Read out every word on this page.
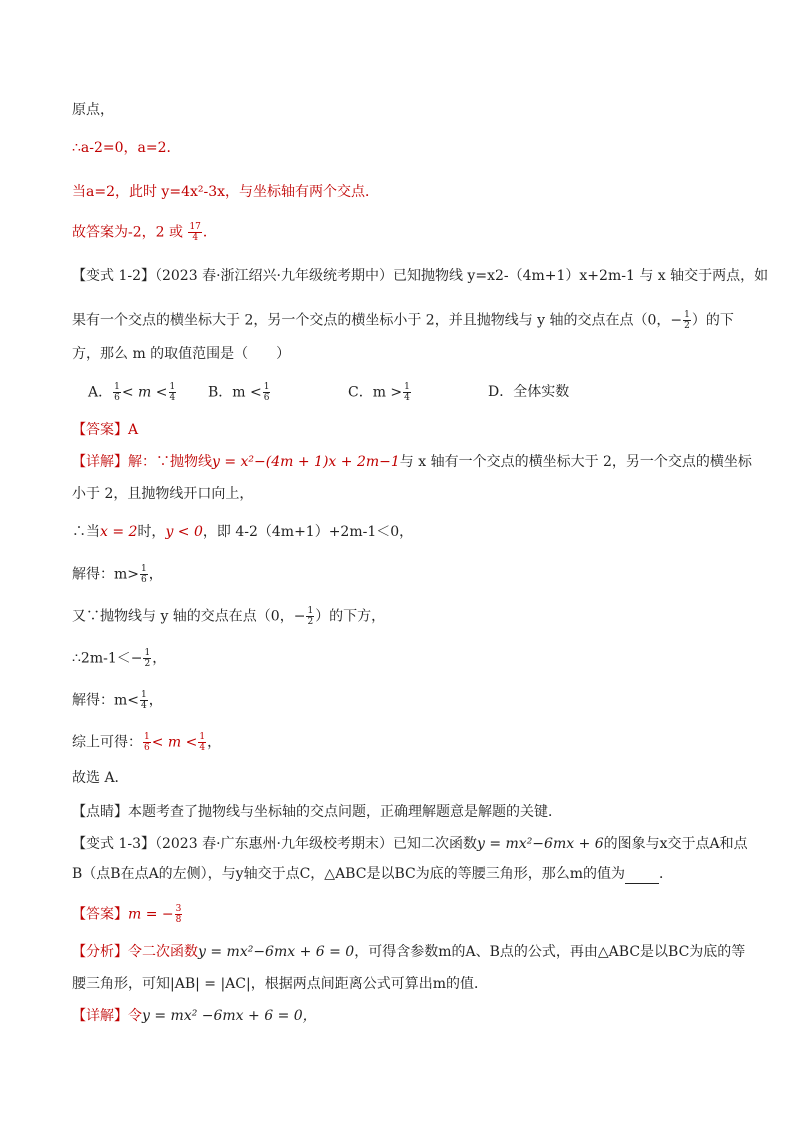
原点，
∴a-2=0，a=2．
当a=2，此时 y=4x²-3x，与坐标轴有两个交点．
故答案为-2，2 或 $\frac{17}{4}$ ．
【变式 1-2】（2023 春·浙江绍兴·九年级统考期中）已知抛物线 y=x2-（4m+1）x+2m-1 与 x 轴交于两点，如
果有一个交点的横坐标大于 2，另一个交点的横坐标小于 2，并且抛物线与 y 轴的交点在点（0，− $\frac{1}{2}$ ）的下
方，那么 m 的取值范围是（　　）
A． $\frac{1}{6} < m < \frac{1}{4}$ B．$m < \frac{1}{6}$	C．$m > \frac{1}{4}$	D．全体实数
【答案】A
【详解】解：∵抛物线y = x²−(4m + 1)x + 2m−1与 x 轴有一个交点的横坐标大于 2，另一个交点的横坐标
小于 2，且抛物线开口向上，
∴当x = 2时，y < 0，即 4-2（4m+1）+2m-1＜0，
解得：$m> \frac{1}{6}$ ，
又∵抛物线与 y 轴的交点在点（0，− $\frac{1}{2}$ ）的下方，
∴2m-1＜− $\frac{1}{2}$ ，
解得：$m< \frac{1}{4}$ ，
综上可得： $\frac{1}{6} < m < \frac{1}{4}$ ，
故选 A．
【点睛】本题考查了抛物线与坐标轴的交点问题，正确理解题意是解题的关键．
【变式 1-3】（2023 春·广东惠州·九年级校考期末）已知二次函数y = mx²−6mx + 6的图象与x交于点A和点
B（点B在点A的左侧），与y轴交于点C，△ABC是以BC为底的等腰三角形，那么m的值为 ．
【答案】m = − $\frac{3}{8}$
【分析】令二次函数y = mx²−6mx + 6 = 0，可得含参数m的A、B点的公式，再由△ABC是以BC为底的等
腰三角形，可知|AB| = |AC|，根据两点间距离公式可算出m的值．
【详解】令y = mx² −6mx + 6 = 0，
